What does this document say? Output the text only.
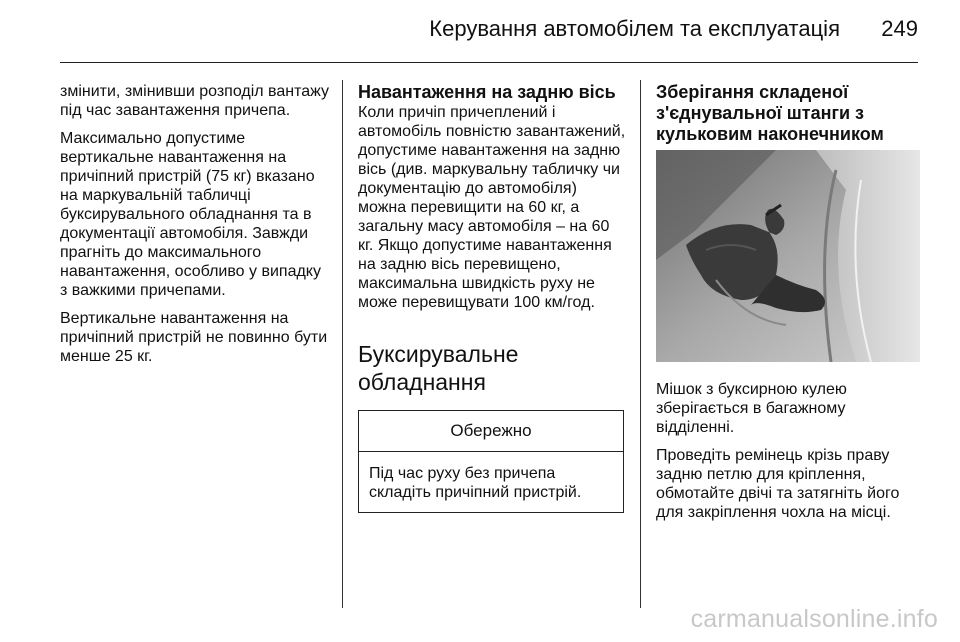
Керування автомобілем та експлуатація 249

змінити, змінивши розподіл вантажу під час завантаження причепа.

Максимально допустиме вертикальне навантаження на причіпний пристрій (75 кг) вказано на маркувальній табличці буксирувального обладнання та в документації автомобіля. Завжди прагніть до максимального навантаження, особливо у випадку з важкими причепами.

Вертикальне навантаження на причіпний пристрій не повинно бути менше 25 кг.

Навантаження на задню вісь

Коли причіп причеплений і автомобіль повністю завантажений, допустиме навантаження на задню вісь (див. маркувальну табличку чи документацію до автомобіля) можна перевищити на 60 кг, а загальну масу автомобіля – на 60 кг. Якщо допустиме навантаження на задню вісь перевищено, максимальна швидкість руху не може перевищувати 100 км/год.

Буксирувальне обладнання
Обережно
Під час руху без причепа складіть причіпний пристрій.
Зберігання складеної з'єднувальної штанги з кульковим наконечником

Мішок з буксирною кулею зберігається в багажному відділенні.

Проведіть ремінець крізь праву задню петлю для кріплення, обмотайте двічі та затягніть його для закріплення чохла на місці.

carmanualsonline.info
